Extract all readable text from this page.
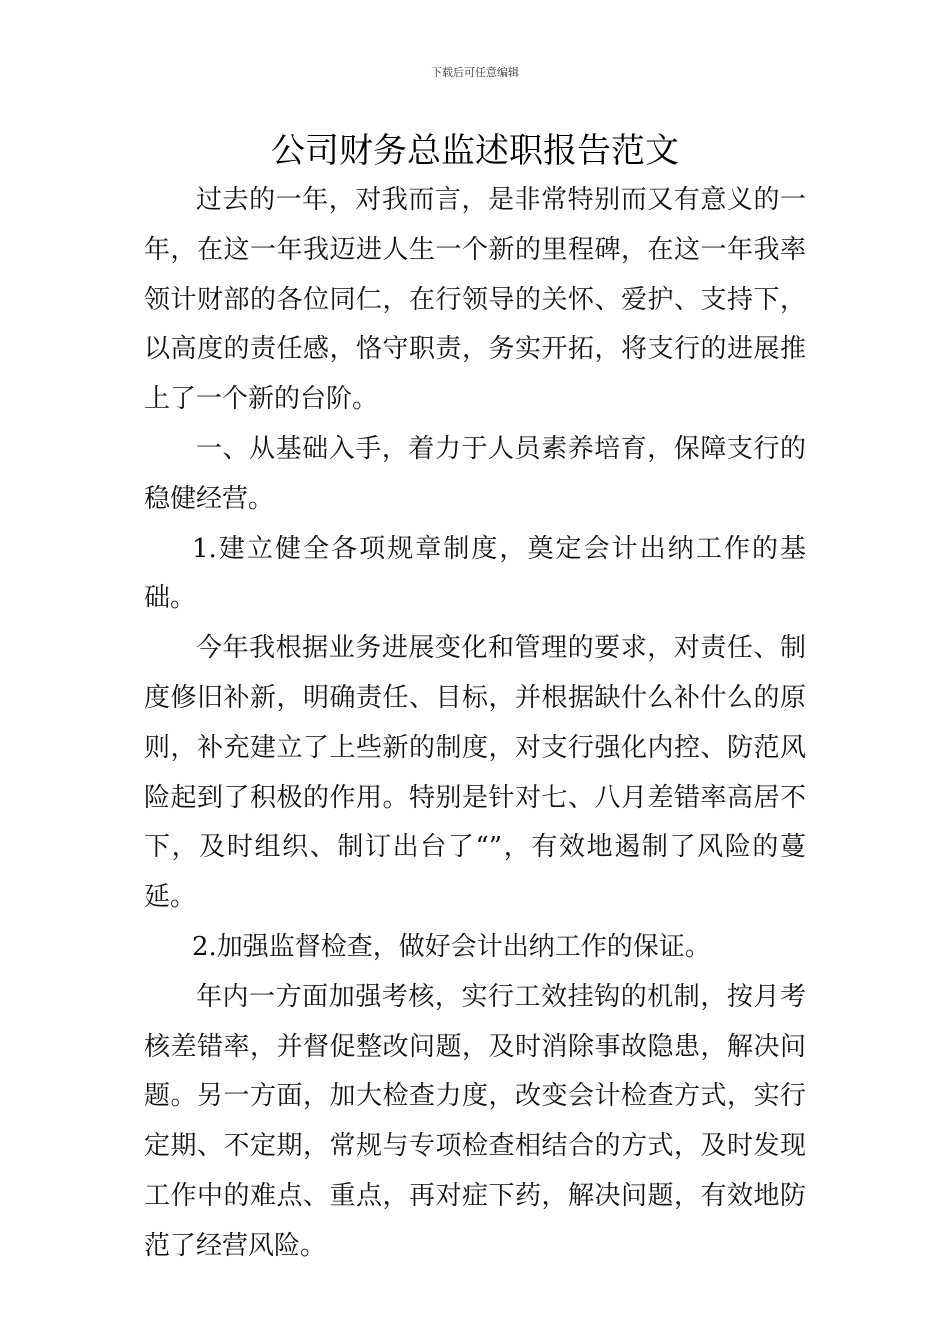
下载后可任意编辑
公司财务总监述职报告范文

过去的一年，对我而言，是非常特别而又有意义的一年，在这一年我迈进人生一个新的里程碑，在这一年我率领计财部的各位同仁，在行领导的关怀、爱护、支持下，以高度的责任感，恪守职责，务实开拓，将支行的进展推上了一个新的台阶。

一、从基础入手，着力于人员素养培育，保障支行的稳健经营。

1.建立健全各项规章制度，奠定会计出纳工作的基础。

今年我根据业务进展变化和管理的要求，对责任、制度修旧补新，明确责任、目标，并根据缺什么补什么的原则，补充建立了上些新的制度，对支行强化内控、防范风险起到了积极的作用。特别是针对七、八月差错率高居不下，及时组织、制订出台了“”，有效地遏制了风险的蔓延。

2.加强监督检查，做好会计出纳工作的保证。

年内一方面加强考核，实行工效挂钩的机制，按月考核差错率，并督促整改问题，及时消除事故隐患，解决问题。另一方面，加大检查力度，改变会计检查方式，实行定期、不定期，常规与专项检查相结合的方式，及时发现工作中的难点、重点，再对症下药，解决问题，有效地防范了经营风险。
